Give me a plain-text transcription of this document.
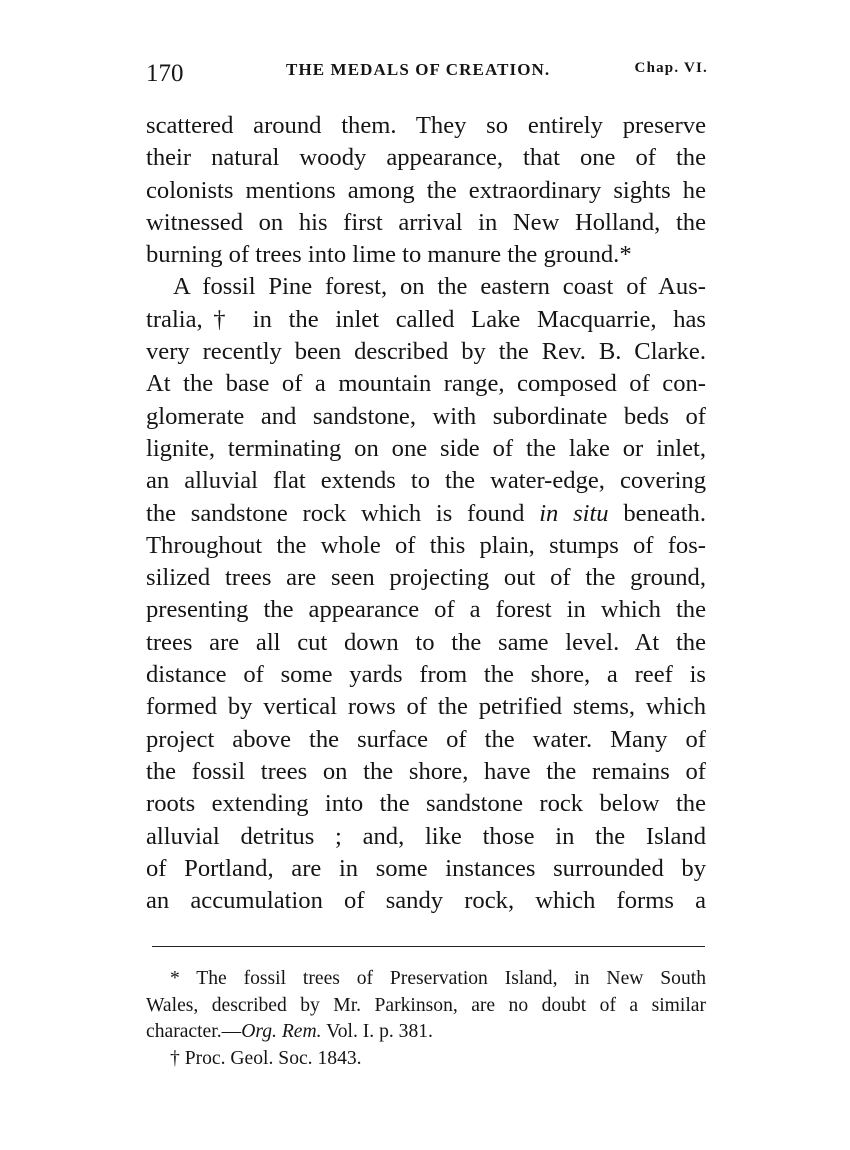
170	THE MEDALS OF CREATION.	Chap. VI.
scattered around them. They so entirely preserve
their natural woody appearance, that one of the
colonists mentions among the extraordinary sights he
witnessed on his first arrival in New Holland, the
burning of trees into lime to manure the ground.*
A fossil Pine forest, on the eastern coast of Aus-
tralia,† in the inlet called Lake Macquarrie, has
very recently been described by the Rev. B. Clarke.
At the base of a mountain range, composed of con-
glomerate and sandstone, with subordinate beds of
lignite, terminating on one side of the lake or inlet,
an alluvial flat extends to the water-edge, covering
the sandstone rock which is found in situ beneath.
Throughout the whole of this plain, stumps of fos-
silized trees are seen projecting out of the ground,
presenting the appearance of a forest in which the
trees are all cut down to the same level. At the
distance of some yards from the shore, a reef is
formed by vertical rows of the petrified stems, which
project above the surface of the water. Many of
the fossil trees on the shore, have the remains of
roots extending into the sandstone rock below the
alluvial detritus ; and, like those in the Island
of Portland, are in some instances surrounded by
an accumulation of sandy rock, which forms a
* The fossil trees of Preservation Island, in New South
Wales, described by Mr. Parkinson, are no doubt of a similar
character.—Org. Rem. Vol. I. p. 381.
† Proc. Geol. Soc. 1843.
